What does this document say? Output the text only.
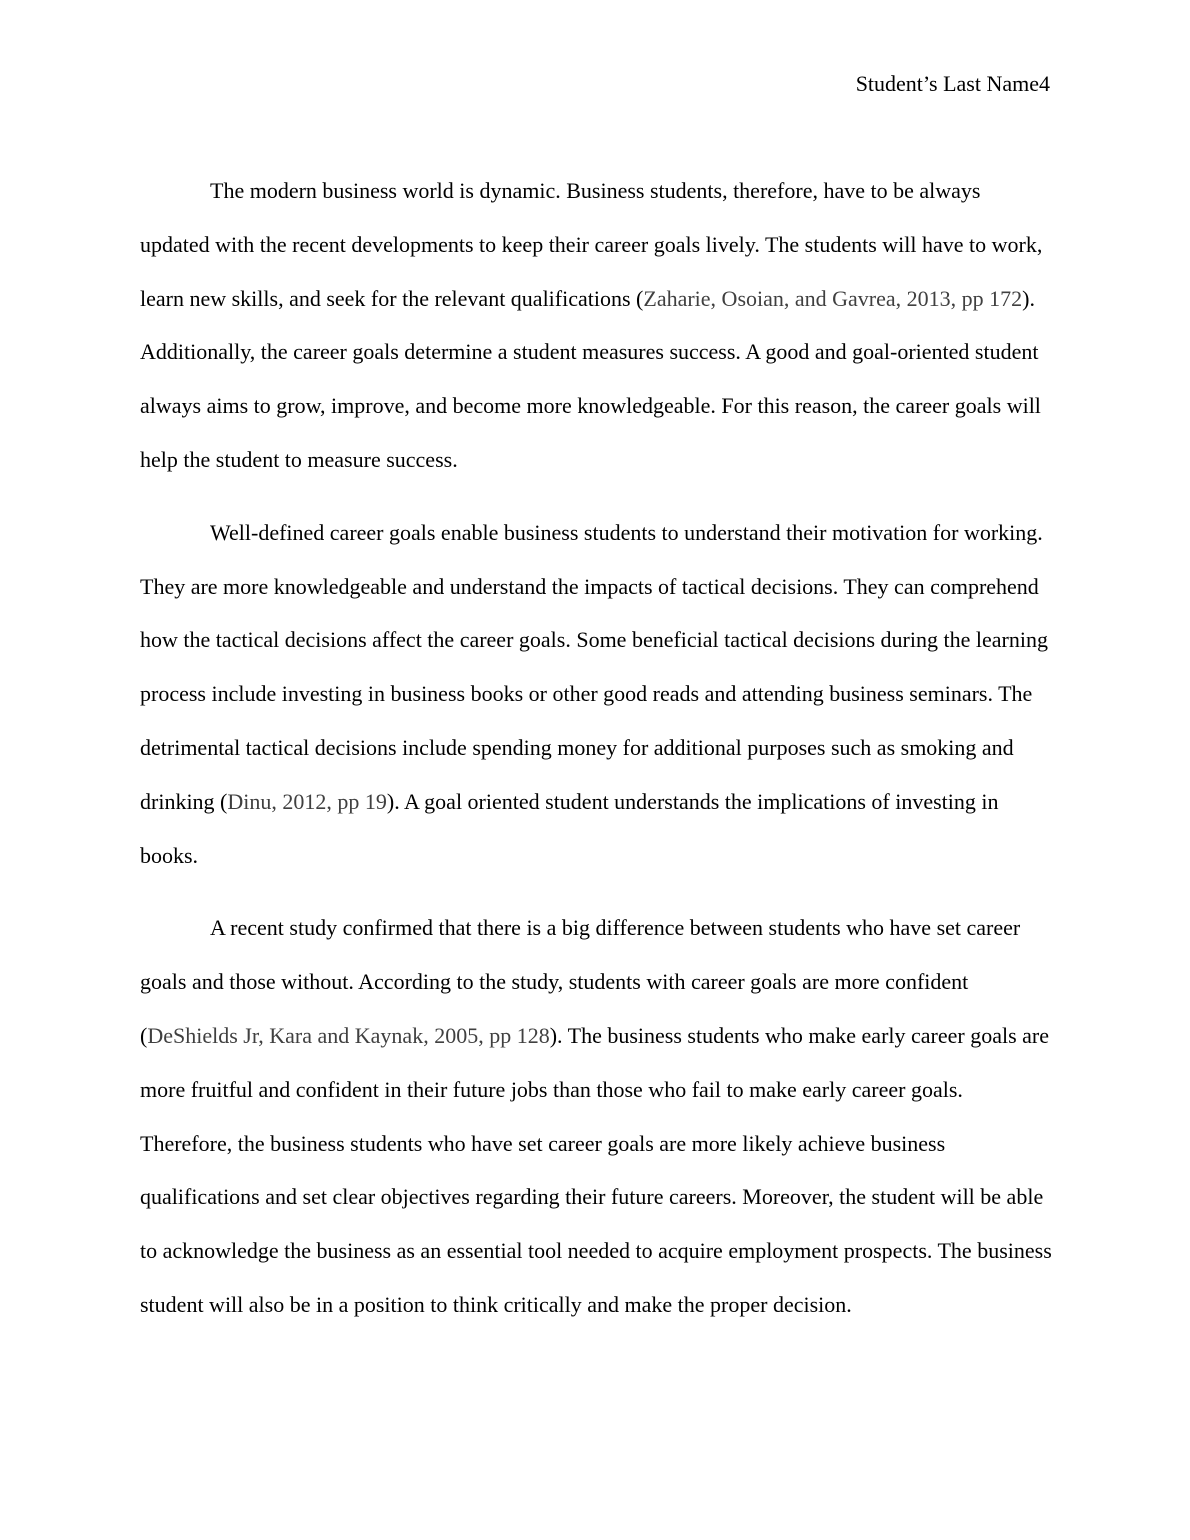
Student’s Last Name4

The modern business world is dynamic. Business students, therefore, have to be always updated with the recent developments to keep their career goals lively. The students will have to work, learn new skills, and seek for the relevant qualifications (Zaharie, Osoian, and Gavrea, 2013, pp 172). Additionally, the career goals determine a student measures success. A good and goal-oriented student always aims to grow, improve, and become more knowledgeable. For this reason, the career goals will help the student to measure success.

Well-defined career goals enable business students to understand their motivation for working. They are more knowledgeable and understand the impacts of tactical decisions. They can comprehend how the tactical decisions affect the career goals. Some beneficial tactical decisions during the learning process include investing in business books or other good reads and attending business seminars. The detrimental tactical decisions include spending money for additional purposes such as smoking and drinking (Dinu, 2012, pp 19). A goal oriented student understands the implications of investing in books.

A recent study confirmed that there is a big difference between students who have set career goals and those without. According to the study, students with career goals are more confident (DeShields Jr, Kara and Kaynak, 2005, pp 128). The business students who make early career goals are more fruitful and confident in their future jobs than those who fail to make early career goals. Therefore, the business students who have set career goals are more likely achieve business qualifications and set clear objectives regarding their future careers. Moreover, the student will be able to acknowledge the business as an essential tool needed to acquire employment prospects. The business student will also be in a position to think critically and make the proper decision.
